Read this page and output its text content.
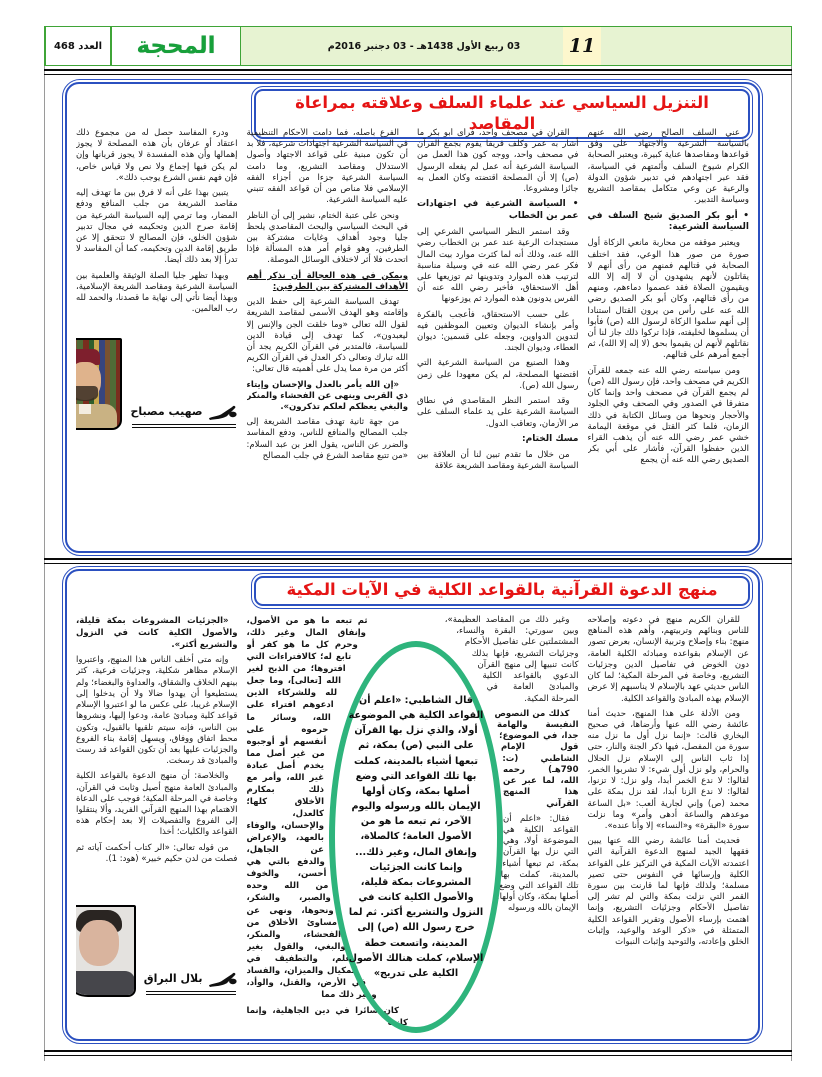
العدد 468	المحجة	03 ربيع الأول 1438هـ - 03 دجنبر 2016م	11
التنزيل السياسي عند علماء السلف وعلاقته بمراعاة المقاصد

عني السلف الصالح رضي الله عنهم بالسياسة الشرعية والاجتهاد على وفق قواعدها ومقاصدها عناية كبيرة، ويعتبر الصحابة الكرام شيوخ السلف وأئمتهم في السياسة، فقد عبر اجتهادهم في تدبير شؤون الدولة والرعية عن وعي متكامل بمقاصد التشريع وسياسة التدبير.

• أبو بكر الصديق شيخ السلف في السياسة الشرعية:

ويعتبر موقفه من محاربة مانعي الزكاة أول صورة من صور هذا الوعي، فقد اختلف الصحابة في قتالهم فمنهم من رأى أنهم لا يقاتلون لأنهم يشهدون أن لا إله إلا الله ويقيمون الصلاة فقد عصموا دماءهم، ومنهم من رأى قتالهم، وكان أبو بكر الصديق رضي الله عنه على رأس من يرون القتال استنادا إلى أنهم سلموا الزكاة لرسول الله (ص) فأبوا أن يسلموها لخليفته، فإذا تركوا ذلك جاز لنا أن نقاتلهم لأنهم لن يقيموا بحق (لا إله إلا الله)، ثم أجمع أمرهم على قتالهم.

ومن سياسته رضي الله عنه جمعه للقرآن الكريم في مصحف واحد، فإن رسول الله (ص) لم يجمع القرآن في مصحف واحد وإنما كان متفرقا في الصدور وفي الصحف وفي الجلود والأحجار ونحوها من وسائل الكتابة في ذلك الزمان، فلما كثر القتل في موقعة اليمامة خشي عمر رضي الله عنه أن يذهب القراء الذين حفظوا القرآن، فأشار على أبي بكر الصديق رضي الله عنه أن يجمع

القرآن في مصحف واحد، فرأى أبو بكر ما أشار به عمر وكلف فريقا يقوم بجمع القرآن في مصحف واحد، ووجه كون هذا العمل من السياسة الشرعية أنه عمل لم يفعله الرسول (ص) إلا أن المصلحة اقتضته وكان العمل به جائزا ومشروعا.

• السياسة الشرعية في اجتهادات عمر بن الخطاب

وقد استمر النظر السياسي الشرعي إلى مستجدات الرعية عند عمر بن الخطاب رضي الله عنه، وذلك أنه لما كثرت موارد بيت المال فكر عمر رضي الله عنه في وسيلة مناسبة لترتيب هذه الموارد وتدوينها ثم توزيعها على أهل الاستحقاق، فأخبر رضي الله عنه أن الفرس يدونون هذه الموارد ثم يوزعونها

على حسب الاستحقاق، فأعجب بالفكرة وأمر بإنشاء الديوان وتعيين الموظفين فيه لتدوين الدواوين، وجعله على قسمين: ديوان العطاء، وديوان الجند.

وهذا الصنيع من السياسة الشرعية التي اقتضتها المصلحة، لم يكن معهودا على زمن رسول الله (ص).

وقد استمر النظر المقاصدي في نطاق السياسة الشرعية على يد علماء السلف على مر الأزمان، وتعاقب الدول.

مسك الختام:

من خلال ما تقدم تبين لنا أن العلاقة بين السياسة الشرعية ومقاصد الشريعة علاقة

الفرع بأصله، فما دامت الأحكام التنظيمية في السياسة الشرعية اجتهادات شرعية، فلا بد أن تكون مبنية على قواعد الاجتهاد وأصول الاستدلال ومقاصد التشريع، وما دامت السياسة الشرعية جزءا من أجزاء الفقه الإسلامي فلا مناص من أن قواعد الفقه تنبني عليه السياسة الشرعية.

ونحن على عتبة الختام، نشير إلى أن الناظر في البحث السياسي والبحث المقاصدي يلحظ جليا وجود أهداف وغايات مشتركة بين الطرفين، وهو قوام أمر هذه المسألة فإذا اتحدت فلا أثر لاختلاف الوسائل الموصلة.

ويمكن في هذه العجالة أن نذكر أهم الأهداف المشتركة بين الطرفين:

تهدف السياسة الشرعية إلى حفظ الدين وإقامته وهو الهدف الأسمى لمقاصد الشريعة لقول الله تعالى «وما خلقت الجن والإنس إلا ليعبدون»، كما تهدف إلى قيادة الدين للسياسة، فالمتدبر في القرآن الكريم يجد أن الله تبارك وتعالى ذكر العدل في القرآن الكريم أكثر من مرة مما يدل على أهميته قال تعالى:

«إن الله يأمر بالعدل والإحسان وإيتاء ذي القربى وينهى عن الفحشاء والمنكر والبغي يعظكم لعلكم تذكرون».

من جهة ثانية تهدف مقاصد الشريعة إلى جلب المصالح والمنافع للناس، ودفع المفاسد والضرر عن الناس، يقول العز بن عبد السلام: «من تتبع مقاصد الشرع في جلب المصالح

ودرء المفاسد حصل له من مجموع ذلك اعتقاد أو عرفان بأن هذه المصلحة لا يجوز إهمالها وأن هذه المفسدة لا يجوز قربانها وإن لم يكن فيها إجماع ولا نص ولا قياس خاص، فإن فهم نفس الشرع يوجب ذلك».

يتبين بهذا على أنه لا فرق بين ما تهدف إليه مقاصد الشريعة من جلب المنافع ودفع المضار، وما ترمي إليه السياسة الشرعية من إقامة صرح الدين وتحكيمه في مجال تدبير شؤون الخلق، فإن المصالح لا تتحقق إلا عن طريق إقامة الدين وتحكيمه، كما أن المفاسد لا تدرأ إلا بعد ذلك أيضا.

وبهذا تظهر جليا الصلة الوثيقة والعلمية بين السياسة الشرعية ومقاصد الشريعة الإسلامية، وبهذا أيضا نأتي إلى نهاية ما قصدنا، والحمد لله رب العالمين.

صهيب مصباح
منهج الدعوة القرآنية بالقواعد الكلية في الآيات المكية
قال الشاطبي: «اعلم أن القواعد الكلية هي الموضوعة أولا، والذي نزل بها القرآن على النبي (ص) بمكة، ثم تبعها أشياء بالمدينة، كملت بها تلك القواعد التي وضع أصلها بمكة، وكان أولها الإيمان بالله ورسوله واليوم الآخر، ثم تبعه ما هو من الأصول العامة؛ كالصلاة، وإنفاق المال، وغير ذلك... وإنما كانت الجزئيات المشروعات بمكة قليلة، والأصول الكلية كانت في النزول والتشريع أكثر. ثم لما خرج رسول الله (ص) إلى المدينة، واتسعت خطة الإسلام، كملت هنالك الأصول الكلية على تدريج»

للقرآن الكريم منهج في دعوته وإصلاحه للناس وبنائهم وتربيتهم، وأهم هذه المناهج منهج: بناء وإصلاح وتربية الإنسان، بعرض تصور عن الإسلام بقواعده ومبادئه الكلية العامة، دون الخوض في تفاصيل الدين وجزئيات التشريع، وخاصة في المرحلة المكية؛ لما كان الناس حديثي عهد بالإسلام لا يناسبهم إلا عرض الإسلام بهذه المبادئ والقواعد الكلية.

ومن الأدلة على هذا المنهج، حديث أمنا عائشة رضي الله عنها وأرضاها، في صحيح البخاري قالت: «إنما نزل أول ما نزل منه سورة من المفصل، فيها ذكر الجنة والنار، حتى إذا ثاب الناس إلى الإسلام نزل الحلال والحرام، ولو نزل أول شيء: لا تشربوا الخمر، لقالوا: لا ندع الخمر أبدا، ولو نزل: لا تزنوا، لقالوا: لا ندع الزنا أبدا، لقد نزل بمكة على محمد (ص) وإني لجارية ألعب: «بل الساعة موعدهم والساعة أدهى وأمر» وما نزلت سورة «البقرة» و«النساء» إلا وأنا عنده».

فحديث أمنا عائشة رضي الله عنها يبين فقهها الجيد لمنهج الدعوة القرآنية التي اعتمدته الآيات المكية في التركيز على القواعد الكلية وإرسائها في النفوس حتى تصير مسلمة؛ ولذلك فإنها لما قارنت بين سورة القمر التي نزلت بمكة والتي لم تشر إلى تفاصيل الأحكام وجزئيات التشريع، وإنما اهتمت بإرساء الأصول وتقرير القواعد الكلية المتمثلة في «ذكر الوعد والوعيد، وإثبات الخلق وإعادته، والتوحيد وإثبات النبوات

وغير ذلك من المقاصد العظيمة»، وبين سورتي: البقرة والنساء، المشتملتين على تفاصيل الأحكام وجزئيات التشريع، فإنها بذلك كانت تنبيها إلى منهج القرآن الدعوي بالقواعد الكلية والمبادئ العامة في المرحلة المكية.

كذلك من النصوص النفيسة والهامة جدا، في الموضوع؛ قول الإمام الشاطبي (ت: 790هـ) رحمه الله، لما عبر عن هذا المنهج القرآني

فقال: «اعلم أن القواعد الكلية هي الموضوعة أولا، وهي التي نزل بها القرآن بمكة، ثم تبعها أشياء بالمدينة، كملت بها تلك القواعد التي وضع أصلها بمكة، وكان أولها: الإيمان بالله ورسوله

ثم تبعه ما هو من الأصول، وإنفاق المال وغير ذلك، وحرم كل ما هو كفر أو تابع له؛ كالافتراءات التي افتروها؛ من الذبح لغير الله [تعالى]، وما جعل لله وللشركاء الذين ادعوهم افتراء على الله، وسائر ما حرموه على أنفسهم أو أوجبوه من غير أصل مما يخدم أصل عبادة غير الله، وأمر مع ذلك بمكارم الأخلاق كلها؛ كالعدل، والإحسان، والوفاء بالعهد، والإعراض عن الجاهل، والدفع بالتي هي أحسن، والخوف من الله وحده والصبر، والشكر، ونحوها، ونهى عن مساوئ الأخلاق من الفحشاء، والمنكر، والبغي، والقول بغير علم، والتطفيف في المكيال والميزان، والفساد في الأرض، والقتل، والوأد، وغير ذلك مما

كان سائرا في دين الجاهلية، وإنما كانت

«الجزئيات المشروعات بمكة قليلة، والأصول الكلية كانت في النزول والتشريع أكثر».

وإنه متى أخلف الناس هذا المنهج، واعتبروا الإسلام مظاهر شكلية، وجزئيات فرعية، كثر بينهم الخلاف والشقاق، والعداوة والبغضاء؛ ولم يستطيعوا أن يهدوا ضالا ولا أن يدخلوا إلى الإسلام غريبا، على عكس ما لو اعتبروا الإسلام قواعد كلية ومبادئ عامة، ودعوا إليها، ونشروها بين الناس، فإنه سيتم تلقيها بالقبول، وتكون محط اتفاق ووفاق، ويسهل إقامة بناء الفروع والجزئيات عليها بعد أن تكون القواعد قد رست والمبادئ قد رسخت.

والخلاصة: أن منهج الدعوة بالقواعد الكلية والمبادئ العامة منهج أصيل وثابت في القرآن، وخاصة في المرحلة المكية؛ فوجب على الدعاة الاهتمام بهذا المنهج القرآني الفريد، وألا ينتقلوا إلى الفروع والتفصيلات إلا بعد إحكام هذه القواعد والكليات؛ أخذا

من قوله تعالى: «الر كتاب أحكمت آياته ثم فصلت من لدن حكيم خبير» (هود: 1).

بلال البراق
